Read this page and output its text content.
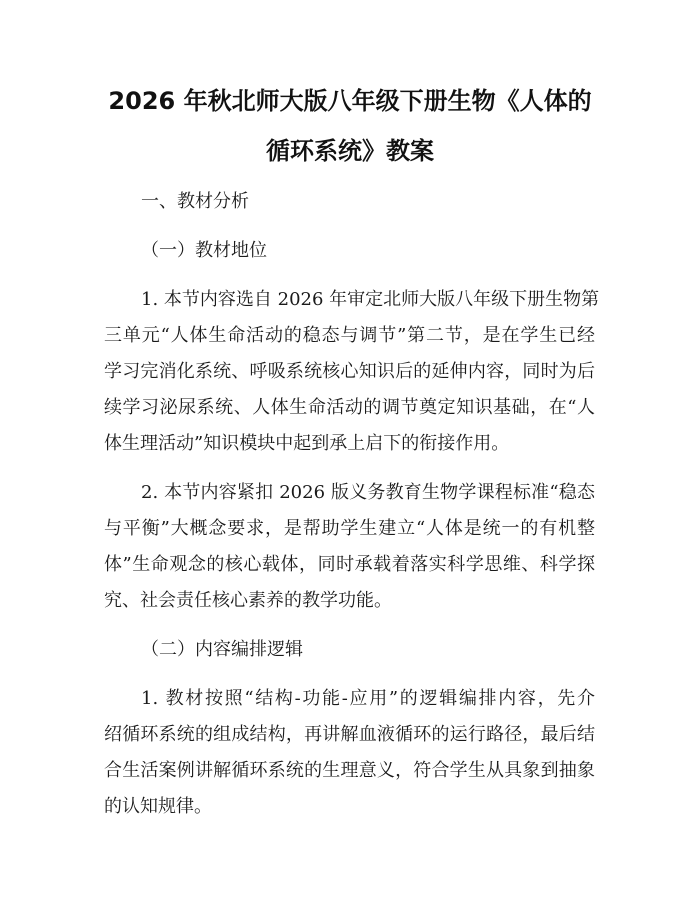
2026 年秋北师大版八年级下册生物《人体的
循环系统》教案
一、教材分析
（一）教材地位
1. 本节内容选自 2026 年审定北师大版八年级下册生物第
三单元“人体生命活动的稳态与调节”第二节，是在学生已经
学习完消化系统、呼吸系统核心知识后的延伸内容，同时为后
续学习泌尿系统、人体生命活动的调节奠定知识基础，在“人
体生理活动”知识模块中起到承上启下的衔接作用。
2. 本节内容紧扣 2026 版义务教育生物学课程标准“稳态
与平衡”大概念要求，是帮助学生建立“人体是统一的有机整
体”生命观念的核心载体，同时承载着落实科学思维、科学探
究、社会责任核心素养的教学功能。
（二）内容编排逻辑
1. 教材按照“结构-功能-应用”的逻辑编排内容，先介
绍循环系统的组成结构，再讲解血液循环的运行路径，最后结
合生活案例讲解循环系统的生理意义，符合学生从具象到抽象
的认知规律。
